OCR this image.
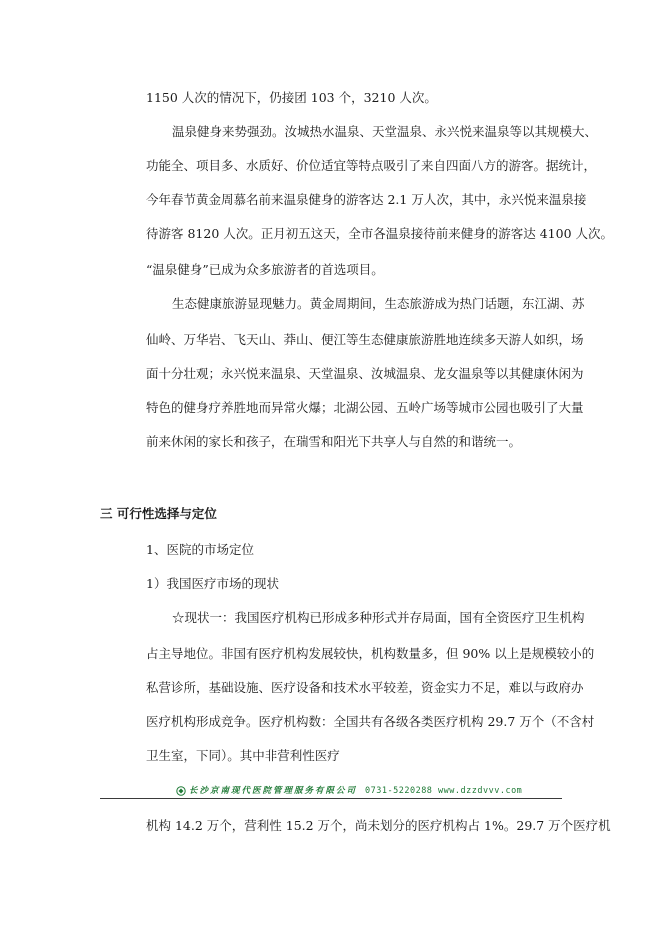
1150 人次的情况下，仍接团 103 个，3210 人次。
温泉健身来势强劲。汝城热水温泉、天堂温泉、永兴悦来温泉等以其规模大、
功能全、项目多、水质好、价位适宜等特点吸引了来自四面八方的游客。据统计，
今年春节黄金周慕名前来温泉健身的游客达 2.1 万人次，其中，永兴悦来温泉接
待游客 8120 人次。正月初五这天，全市各温泉接待前来健身的游客达 4100 人次。
“温泉健身”已成为众多旅游者的首选项目。
生态健康旅游显现魅力。黄金周期间，生态旅游成为热门话题，东江湖、苏
仙岭、万华岩、飞天山、莽山、便江等生态健康旅游胜地连续多天游人如织，场
面十分壮观；永兴悦来温泉、天堂温泉、汝城温泉、龙女温泉等以其健康休闲为
特色的健身疗养胜地而异常火爆；北湖公园、五岭广场等城市公园也吸引了大量
前来休闲的家长和孩子，在瑞雪和阳光下共享人与自然的和谐统一。
三 可行性选择与定位
1、医院的市场定位
1）我国医疗市场的现状
☆现状一：我国医疗机构已形成多种形式并存局面，国有全资医疗卫生机构
占主导地位。非国有医疗机构发展较快，机构数量多，但 90% 以上是规模较小的
私营诊所，基础设施、医疗设备和技术水平较差，资金实力不足，难以与政府办
医疗机构形成竞争。医疗机构数：全国共有各级各类医疗机构 29.7 万个（不含村
卫生室，下同）。其中非营利性医疗
长沙京南现代医院管理服务有限公司 0731-5220288 www.dzzdvvv.com
机构 14.2 万个，营利性 15.2 万个，尚未划分的医疗机构占 1%。29.7 万个医疗机
